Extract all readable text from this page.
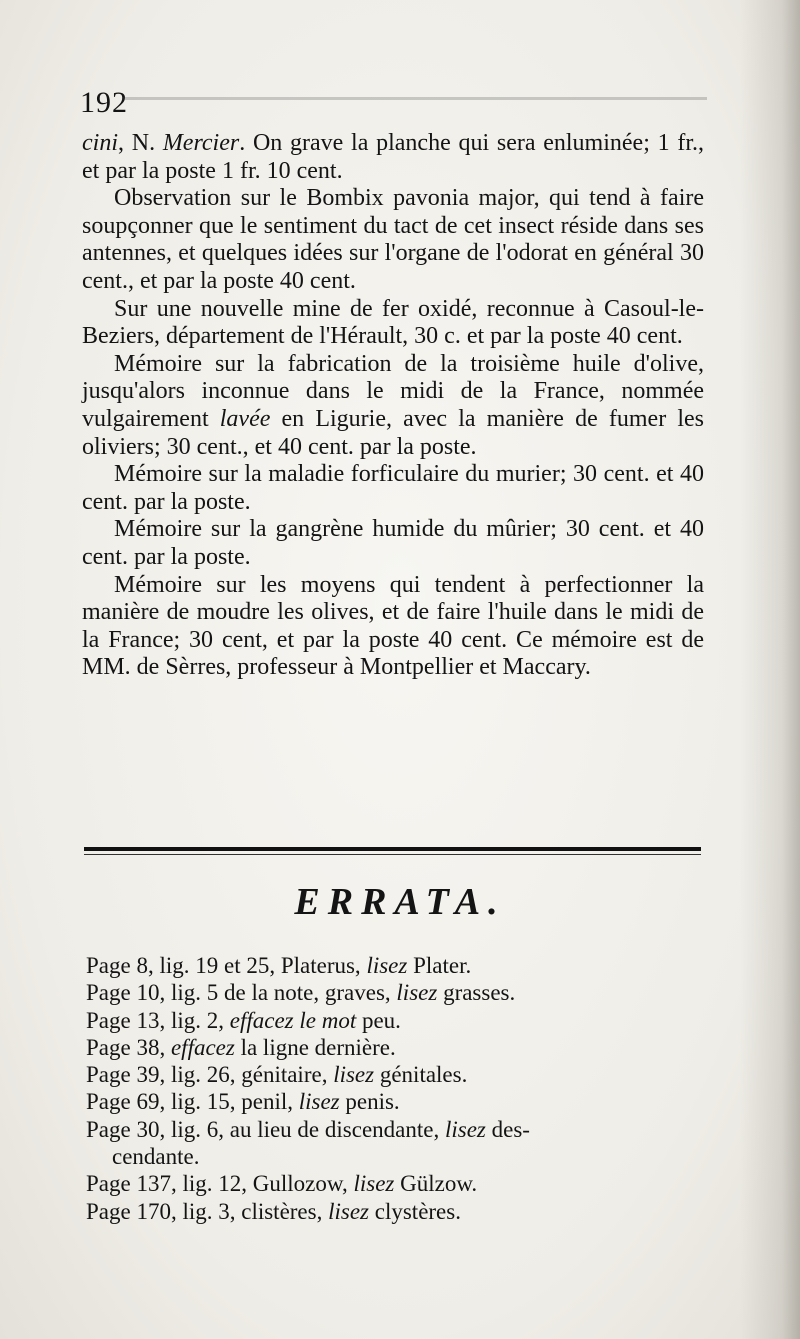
192

cini, N. Mercier. On grave la planche qui sera enluminée; 1 fr., et par la poste 1 fr. 10 cent.

Observation sur le Bombix pavonia major, qui tend à faire soupçonner que le sentiment du tact de cet insect réside dans ses antennes, et quelques idées sur l'organe de l'odorat en général 30 cent., et par la poste 40 cent.

Sur une nouvelle mine de fer oxidé, reconnue à Casoul-le-Beziers, département de l'Hérault, 30 c. et par la poste 40 cent.

Mémoire sur la fabrication de la troisième huile d'olive, jusqu'alors inconnue dans le midi de la France, nommée vulgairement lavée en Ligurie, avec la manière de fumer les oliviers; 30 cent., et 40 cent. par la poste.

Mémoire sur la maladie forficulaire du murier; 30 cent. et 40 cent. par la poste.

Mémoire sur la gangrène humide du mûrier; 30 cent. et 40 cent. par la poste.

Mémoire sur les moyens qui tendent à perfectionner la manière de moudre les olives, et de faire l'huile dans le midi de la France; 30 cent, et par la poste 40 cent. Ce mémoire est de MM. de Sèrres, professeur à Montpellier et Maccary.

ERRATA.

Page 8, lig. 19 et 25, Platerus, lisez Plater.

Page 10, lig. 5 de la note, graves, lisez grasses.

Page 13, lig. 2, effacez le mot peu.

Page 38, effacez la ligne dernière.

Page 39, lig. 26, génitaire, lisez génitales.

Page 69, lig. 15, penil, lisez penis.

Page 30, lig. 6, au lieu de discendante, lisez des-

cendante.

Page 137, lig. 12, Gullozow, lisez Gülzow.

Page 170, lig. 3, clistères, lisez clystères.
